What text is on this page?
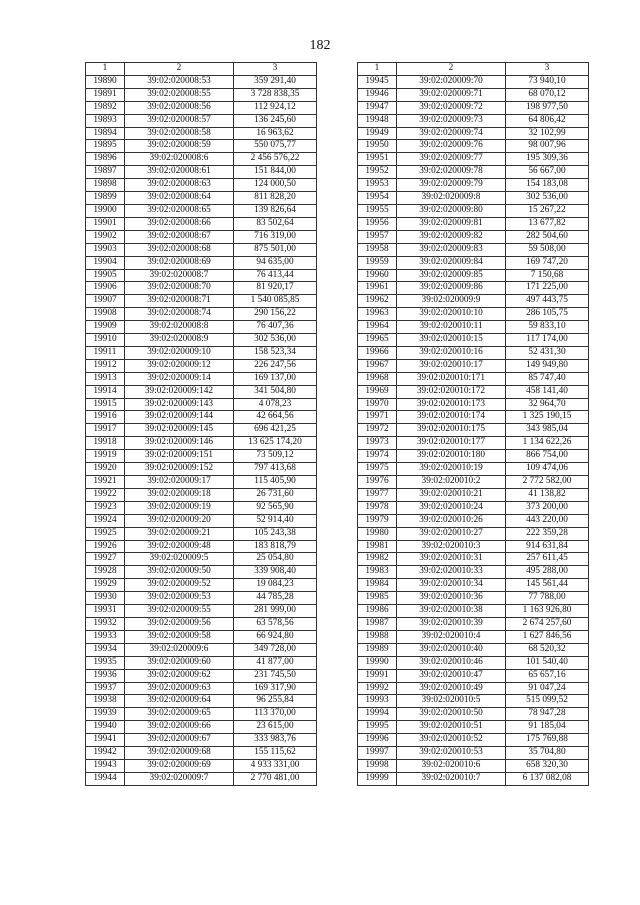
182
1	2	3
19890	39:02:020008:53	359 291,40
19891	39:02:020008:55	3 728 838,35
19892	39:02:020008:56	112 924,12
19893	39:02:020008:57	136 245,60
19894	39:02:020008:58	16 963,62
19895	39:02:020008:59	550 075,77
19896	39:02:020008:6	2 456 576,22
19897	39:02:020008:61	151 844,00
19898	39:02:020008:63	124 000,50
19899	39:02:020008:64	811 828,20
19900	39:02:020008:65	139 826,64
19901	39:02:020008:66	83 502,64
19902	39:02:020008:67	716 319,00
19903	39:02:020008:68	875 501,00
19904	39:02:020008:69	94 635,00
19905	39:02:020008:7	76 413,44
19906	39:02:020008:70	81 920,17
19907	39:02:020008:71	1 540 085,85
19908	39:02:020008:74	290 156,22
19909	39:02:020008:8	76 407,36
19910	39:02:020008:9	302 536,00
19911	39:02:020009:10	158 523,34
19912	39:02:020009:12	226 247,56
19913	39:02:020009:14	169 137,00
19914	39:02:020009:142	341 504,80
19915	39:02:020009:143	4 078,23
19916	39:02:020009:144	42 664,56
19917	39:02:020009:145	696 421,25
19918	39:02:020009:146	13 625 174,20
19919	39:02:020009:151	73 509,12
19920	39:02:020009:152	797 413,68
19921	39:02:020009:17	115 405,90
19922	39:02:020009:18	26 731,60
19923	39:02:020009:19	92 565,90
19924	39:02:020009:20	52 914,40
19925	39:02:020009:21	105 243,38
19926	39:02:020009:48	183 818,79
19927	39:02:020009:5	25 054,80
19928	39:02:020009:50	339 908,40
19929	39:02:020009:52	19 084,23
19930	39:02:020009:53	44 785,28
19931	39:02:020009:55	281 999,00
19932	39:02:020009:56	63 578,56
19933	39:02:020009:58	66 924,80
19934	39:02:020009:6	349 728,00
19935	39:02:020009:60	41 877,00
19936	39:02:020009:62	231 745,50
19937	39:02:020009:63	169 317,90
19938	39:02:020009:64	96 255,84
19939	39:02:020009:65	113 370,00
19940	39:02:020009:66	23 615,00
19941	39:02:020009:67	333 983,76
19942	39:02:020009:68	155 115,62
19943	39:02:020009:69	4 933 331,00
19944	39:02:020009:7	2 770 481,00
1	2	3
19945	39:02:020009:70	73 940,10
19946	39:02:020009:71	68 070,12
19947	39:02:020009:72	198 977,50
19948	39:02:020009:73	64 806,42
19949	39:02:020009:74	32 102,99
19950	39:02:020009:76	98 007,96
19951	39:02:020009:77	195 309,36
19952	39:02:020009:78	56 667,00
19953	39:02:020009:79	154 183,08
19954	39:02:020009:8	302 536,00
19955	39:02:020009:80	15 267,22
19956	39:02:020009:81	13 677,82
19957	39:02:020009:82	282 504,60
19958	39:02:020009:83	59 508,00
19959	39:02:020009:84	169 747,20
19960	39:02:020009:85	7 150,68
19961	39:02:020009:86	171 225,00
19962	39:02:020009:9	497 443,75
19963	39:02:020010:10	286 105,75
19964	39:02:020010:11	59 833,10
19965	39:02:020010:15	117 174,00
19966	39:02:020010:16	52 431,30
19967	39:02:020010:17	149 949,80
19968	39:02:020010:171	85 747,40
19969	39:02:020010:172	458 141,40
19970	39:02:020010:173	32 964,70
19971	39:02:020010:174	1 325 190,15
19972	39:02:020010:175	343 985,04
19973	39:02:020010:177	1 134 622,26
19974	39:02:020010:180	866 754,00
19975	39:02:020010:19	109 474,06
19976	39:02:020010:2	2 772 582,00
19977	39:02:020010:21	41 138,82
19978	39:02:020010:24	373 200,00
19979	39:02:020010:26	443 220,00
19980	39:02:020010:27	222 359,28
19981	39:02:020010:3	914 631,84
19982	39:02:020010:31	257 611,45
19983	39:02:020010:33	495 288,00
19984	39:02:020010:34	145 561,44
19985	39:02:020010:36	77 788,00
19986	39:02:020010:38	1 163 926,80
19987	39:02:020010:39	2 674 257,60
19988	39:02:020010:4	1 627 846,56
19989	39:02:020010:40	68 520,32
19990	39:02:020010:46	101 540,40
19991	39:02:020010:47	65 657,16
19992	39:02:020010:49	91 047,24
19993	39:02:020010:5	515 099,52
19994	39:02:020010:50	78 947,28
19995	39:02:020010:51	91 185,04
19996	39:02:020010:52	175 769,88
19997	39:02:020010:53	35 704,80
19998	39:02:020010:6	658 320,30
19999	39:02:020010:7	6 137 082,08
